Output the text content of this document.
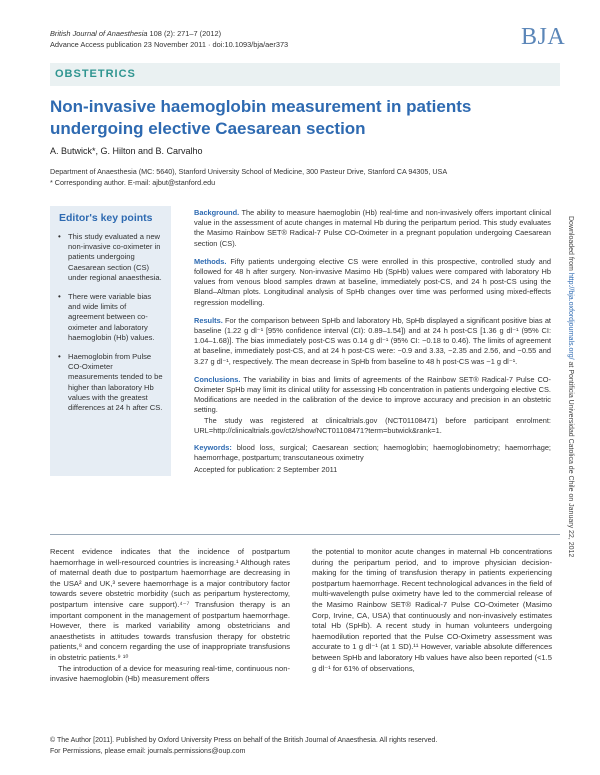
British Journal of Anaesthesia 108 (2): 271–7 (2012)
Advance Access publication 23 November 2011 · doi:10.1093/bja/aer373	BJA
OBSTETRICS
Non-invasive haemoglobin measurement in patients undergoing elective Caesarean section
A. Butwick*, G. Hilton and B. Carvalho
Department of Anaesthesia (MC: 5640), Stanford University School of Medicine, 300 Pasteur Drive, Stanford CA 94305, USA
* Corresponding author. E-mail: ajbut@stanford.edu
Editor's key points
• This study evaluated a new non-invasive co-oximeter in patients undergoing Caesarean section (CS) under regional anaesthesia.
• There were variable bias and wide limits of agreement between co-oximeter and laboratory haemoglobin (Hb) values.
• Haemoglobin from Pulse CO-Oximeter measurements tended to be higher than laboratory Hb values with the greatest differences at 24 h after CS.

Background. The ability to measure haemoglobin (Hb) real-time and non-invasively offers important clinical value in the assessment of acute changes in maternal Hb during the peripartum period. This study evaluates the Masimo Rainbow SET® Radical-7 Pulse CO-Oximeter in a pregnant population undergoing Caesarean section (CS).

Methods. Fifty patients undergoing elective CS were enrolled in this prospective, controlled study and followed for 48 h after surgery. Non-invasive Masimo Hb (SpHb) values were compared with laboratory Hb values from venous blood samples drawn at baseline, immediately post-CS, and 24 h post-CS using the Bland–Altman plots. Longitudinal analysis of SpHb changes over time was performed using mixed-effects regression modelling.

Results. For the comparison between SpHb and laboratory Hb, SpHb displayed a significant positive bias at baseline (1.22 g dl⁻¹ [95% confidence interval (CI): 0.89–1.54]) and at 24 h post-CS [1.36 g dl⁻¹ (95% CI: 1.04–1.68)]. The bias immediately post-CS was 0.14 g dl⁻¹ (95% CI: −0.18 to 0.46). The limits of agreement at baseline, immediately post-CS, and at 24 h post-CS were: −0.9 and 3.33, −2.35 and 2.56, and −0.55 and 3.27 g dl⁻¹, respectively. The mean decrease in SpHb from baseline to 48 h post-CS was ~1 g dl⁻¹.

Conclusions. The variability in bias and limits of agreements of the Rainbow SET® Radical-7 Pulse CO-Oximeter SpHb may limit its clinical utility for assessing Hb concentration in patients undergoing elective CS. Modifications are needed in the calibration of the device to improve accuracy and precision in an obstetric setting.

The study was registered at clinicaltrials.gov (NCT01108471) before participant enrolment: URL=http://clinicaltrials.gov/ct2/show/NCT01108471?term=butwick&rank=1.

Keywords: blood loss, surgical; Caesarean section; haemoglobin; haemoglobinometry; haemorrhage; haemorrhage, postpartum; transcutaneous oximetry

Accepted for publication: 2 September 2011

Downloaded from http://bja.oxfordjournals.org/ at Pontificia Universidad Catolica de Chile on January 22, 2012

Recent evidence indicates that the incidence of postpartum haemorrhage in well-resourced countries is increasing.¹ Although rates of maternal death due to postpartum haemorrhage are decreasing in the USA² and UK,³ severe haemorrhage is a major contributory factor towards severe obstetric morbidity (such as peripartum hysterectomy, postpartum intensive care support).⁴⁻⁷ Transfusion therapy is an important component in the management of postpartum haemorrhage. However, there is marked variability among obstetricians and anaesthetists in attitudes towards transfusion therapy for obstetric patients,⁸ and concern regarding the use of inappropriate transfusions in obstetric patients.⁹ ¹⁰

The introduction of a device for measuring real-time, continuous non-invasive haemoglobin (Hb) measurement offers

the potential to monitor acute changes in maternal Hb concentrations during the peripartum period, and to improve physician decision-making for the timing of transfusion therapy in patients experiencing postpartum haemorrhage. Recent technological advances in the field of multi-wavelength pulse oximetry have led to the commercial release of the Masimo Rainbow SET® Radical-7 Pulse CO-Oximeter (Masimo Corp, Irvine, CA, USA) that continuously and non-invasively estimates total Hb (SpHb). A recent study in human volunteers undergoing haemodilution reported that the Pulse CO-Oximetry assessment was accurate to 1 g dl⁻¹ (at 1 SD).¹¹ However, variable absolute differences between SpHb and laboratory Hb values have also been reported (<1.5 g dl⁻¹ for 61% of observations,

© The Author [2011]. Published by Oxford University Press on behalf of the British Journal of Anaesthesia. All rights reserved.
For Permissions, please email: journals.permissions@oup.com
